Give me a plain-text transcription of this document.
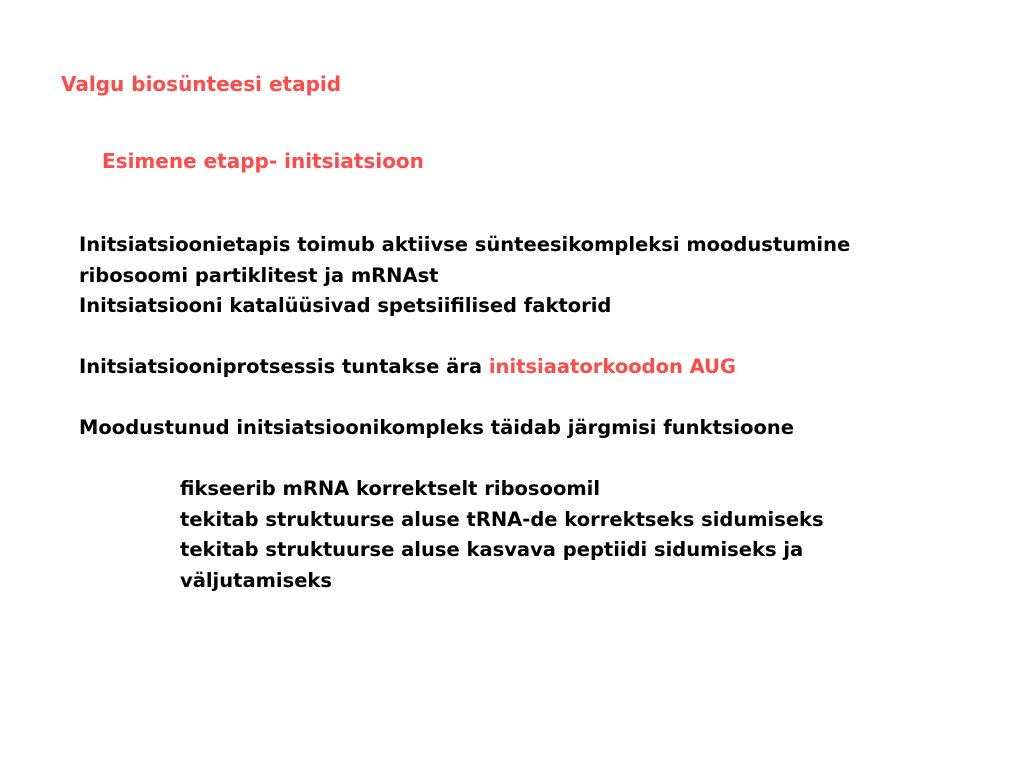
Valgu biosünteesi etapid
Esimene etapp- initsiatsioon
Initsiatsioonietapis toimub aktiivse sünteesikompleksi moodustumine
ribosoomi partiklitest ja mRNAst
Initsiatsiooni katalüüsivad spetsiifilised faktorid
Initsiatsiooniprotsessis tuntakse ära initsiaatorkoodon AUG
Moodustunud initsiatsioonikompleks täidab järgmisi funktsioone
fikseerib mRNA korrektselt ribosoomil
tekitab struktuurse aluse tRNA-de korrektseks sidumiseks
tekitab struktuurse aluse kasvava peptiidi sidumiseks ja
väljutamiseks
